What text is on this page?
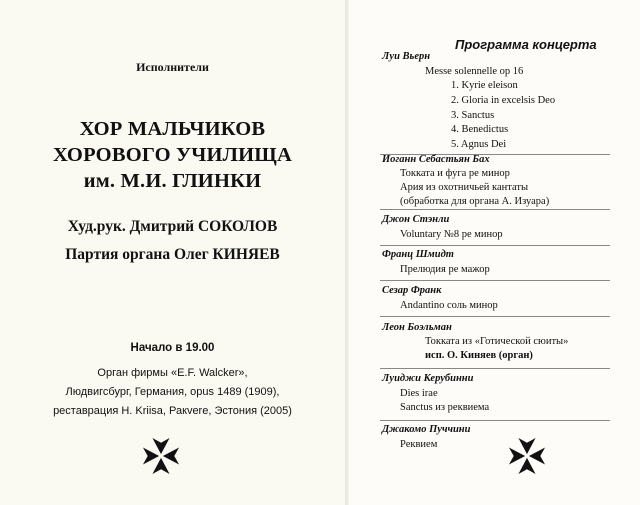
Исполнители
ХОР МАЛЬЧИКОВ
ХОРОВОГО УЧИЛИЩА
им. М.И. ГЛИНКИ
Худ.рук. Дмитрий СОКОЛОВ
Партия органа Олег КИНЯЕВ
Начало в 19.00
Орган фирмы «E.F. Walcker»,
Людвигсбург, Германия, opus 1489 (1909),
реставрация Н. Kriisa, Ракvere, Эстония (2005)
Программа концерта
Луи Вьерн
Messe solennelle op 16
1. Kyrie eleison
2. Gloria in excelsis Deo
3. Sanctus
4. Benedictus
5. Agnus Dei
Иоганн Себастьян Бах
Токката и фуга ре минор
Ария из охотничьей кантаты
(обработка для органа А. Изуара)
Джон Стэнли
Voluntary №8 ре минор
Франц Шмидт
Прелюдия ре мажор
Сезар Франк
Andantino соль минор
Леон Боэльман
Токката из «Готической сюиты»
исп. О. Киняев (орган)
Луиджи Керубинни
Dies irae
Sanctus из реквиема
Джакомо Пуччини
Реквием
